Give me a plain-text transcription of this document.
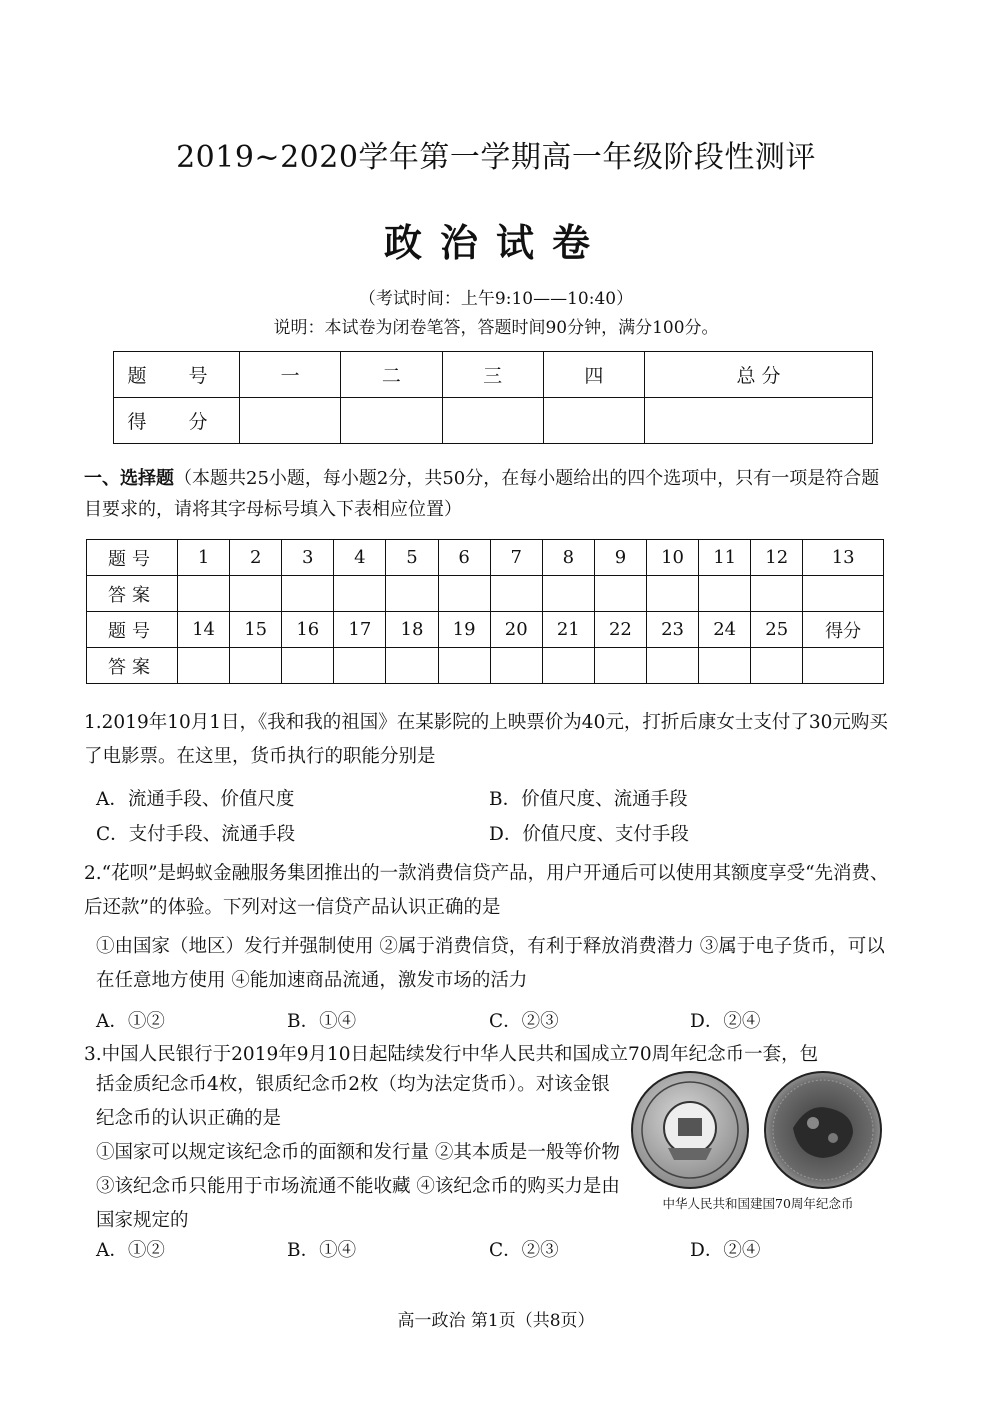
2019~2020学年第一学期高一年级阶段性测评
政治试卷
（考试时间：上午9:10——10:40）
说明：本试卷为闭卷笔答，答题时间90分钟，满分100分。
题 号	一	二	三	四	总 分
得 分					
一、选择题（本题共25小题，每小题2分，共50分，在每小题给出的四个选项中，只有一项是符合题目要求的，请将其字母标号填入下表相应位置）
题号	1	2	3	4	5	6	7	8	9	10	11	12	13
答案													
题号	14	15	16	17	18	19	20	21	22	23	24	25	得分
答案													
1.2019年10月1日，《我和我的祖国》在某影院的上映票价为40元，打折后康女士支付了30元购买了电影票。在这里，货币执行的职能分别是
A．流通手段、价值尺度	B．价值尺度、流通手段
C．支付手段、流通手段	D．价值尺度、支付手段
2.“花呗”是蚂蚁金融服务集团推出的一款消费信贷产品，用户开通后可以使用其额度享受“先消费、后还款”的体验。下列对这一信贷产品认识正确的是
①由国家（地区）发行并强制使用 ②属于消费信贷，有利于释放消费潜力 ③属于电子货币，可以在任意地方使用 ④能加速商品流通，激发市场的活力
A．①②	B．①④	C．②③	D．②④
3.中国人民银行于2019年9月10日起陆续发行中华人民共和国成立70周年纪念币一套，包
括金质纪念币4枚，银质纪念币2枚（均为法定货币）。对该金银纪念币的认识正确的是
①国家可以规定该纪念币的面额和发行量 ②其本质是一般等价物 ③该纪念币只能用于市场流通不能收藏 ④该纪念币的购买力是由国家规定的
中华人民共和国建国70周年纪念币
A．①②	B．①④	C．②③	D．②④
高一政治 第1页（共8页）
